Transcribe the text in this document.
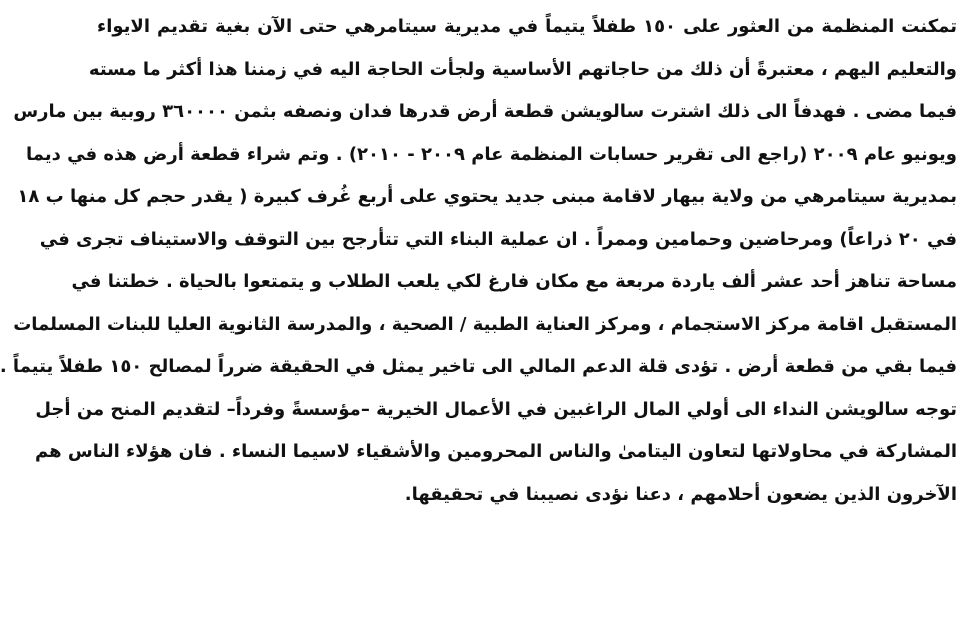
تمكنت المنظمة من العثور على ١٥٠ طفلاً يتيماً في مديرية سيتامرهي حتى الآن بغية تقديم الايواء
والتعليم اليهم ، معتبرةً أن ذلك من حاجاتهم الأساسية ولجأت الحاجة اليه في زمننا هذا أكثر ما مسته
فيما مضى . فهدفاً الى ذلك اشترت سالويشن قطعة أرض قدرها فدان ونصفه بثمن ٣٦٠٠٠٠ روبية بين مارس
ويونيو عام ٢٠٠٩ (راجع الى تقرير حسابات المنظمة عام ٢٠٠٩ - ٢٠١٠) . وتم شراء قطعة أرض هذه في ديما
بمديرية سيتامرهي من ولاية بيهار لاقامة مبنى جديد يحتوي على أربع غُرف كبيرة ( يقدر حجم كل منها ب ١٨
في ٢٠ ذراعاً) ومرحاضين وحمامين وممراً . ان عملية البناء التي تتأرجح بين التوقف والاستيناف تجرى في
مساحة تناهز أحد عشر ألف ياردة مربعة مع مكان فارغ لكي يلعب الطلاب و يتمتعوا بالحياة . خطتنا في
المستقبل اقامة مركز الاستجمام ، ومركز العناية الطبية / الصحية ، والمدرسة الثانوية العليا للبنات المسلمات
فيما بقي من قطعة أرض . تؤدى قلة الدعم المالي الى تاخير يمثل في الحقيقة ضرراً لمصالح ١٥٠ طفلاً يتيماً .
توجه سالويشن النداء الى أولي المال الراغبين في الأعمال الخيرية –مؤسسةً وفرداً– لتقديم المنح من أجل
المشاركة في محاولاتها لتعاون اليتامىٰ والناس المحرومين والأشقياء لاسيما النساء . فان هؤلاء الناس هم
الآخرون الذين يضعون أحلامهم ، دعنا نؤدى نصيبنا في تحقيقها.
